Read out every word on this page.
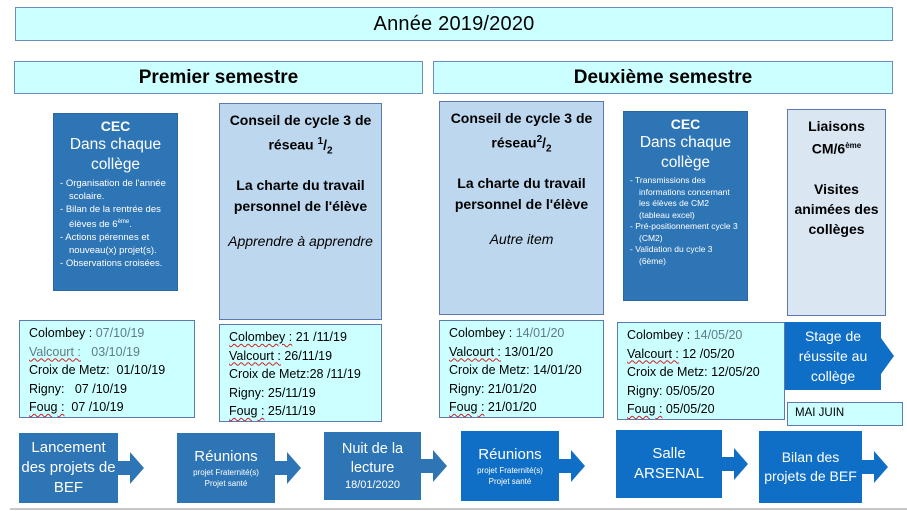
Année 2019/2020
Premier semestre	Deuxième semestre
CEC
Dans chaque collège
- Organisation de l'année scolaire.
- Bilan de la rentrée des élèves de 6ème.
- Actions pérennes et nouveau(x) projet(s).
- Observations croisées.
Conseil de cycle 3 de
réseau $^1/_2$
La charte du travail personnel de l'élève
Apprendre à apprendre
Conseil de cycle 3 de
$réseau^2/_2$
La charte du travail personnel de l'élève
Autre item
CEC
Dans chaque collège
- Transmissions des informations concernant les élèves de CM2 (tableau excel)
- Pré-positionnement cycle 3 (CM2)
- Validation du cycle 3 (6ème)
Liaisons
CM/6ème
Visites animées des collèges
Colombey : 07/10/19
Valcourt : 03/10/19
Croix de Metz: 01/10/19
Rigny: 07 /10/19
Foug : 07 /10/19
Colombey : 21 /11/19
Valcourt : 26/11/19
Croix de Metz:28 /11/19
Rigny: 25/11/19
Foug : 25/11/19
Colombey : 14/01/20
Valcourt : 13/01/20
Croix de Metz: 14/01/20
Rigny: 21/01/20
Foug : 21/01/20
Colombey : 14/05/20
Valcourt : 12 /05/20
Croix de Metz: 12/05/20
Rigny: 05/05/20
Foug : 05/05/20
Stage de réussite au collège
MAI JUIN
Lancement des projets de BEF
Réunions
projet Fraternité(s)
Projet santé
Nuit de la lecture
18/01/2020
Réunions
projet Fraternité(s)
Projet santé
Salle ARSENAL
Bilan des projets de BEF
